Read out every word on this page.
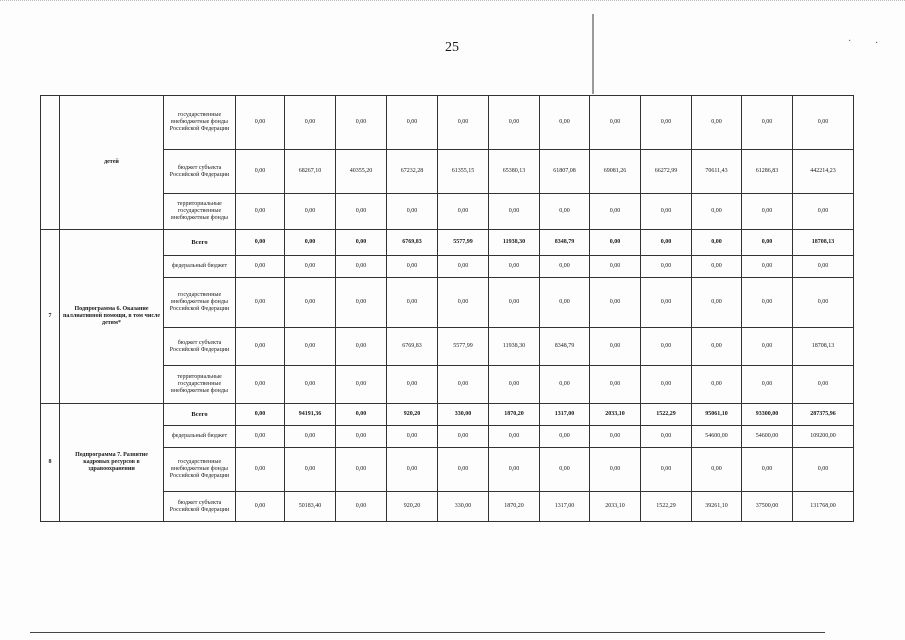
25	· ·
	детей	государственные внебюджетные фонды Российской Федерации	0,00	0,00	0,00	0,00	0,00	0,00	0,00	0,00	0,00	0,00	0,00	0,00
		бюджет субъекта Российской Федерации	0,00	68267,10	40355,20	67232,28	61355,15	65380,13	61807,08	69081,26	66272,99	70611,43	61286,83	442214,23
		территориальные государственные внебюджетные фонды	0,00	0,00	0,00	0,00	0,00	0,00	0,00	0,00	0,00	0,00	0,00	0,00
7	Подпрограмма 6. Оказание паллиативной помощи, в том числе детям*	Всего	0,00	0,00	0,00	6769,83	5577,99	11938,30	8348,79	0,00	0,00	0,00	0,00	18708,13
		федеральный бюджет	0,00	0,00	0,00	0,00	0,00	0,00	0,00	0,00	0,00	0,00	0,00	0,00
		государственные внебюджетные фонды Российской Федерации	0,00	0,00	0,00	0,00	0,00	0,00	0,00	0,00	0,00	0,00	0,00	0,00
		бюджет субъекта Российской Федерации	0,00	0,00	0,00	6769,83	5577,99	11938,30	8348,79	0,00	0,00	0,00	0,00	18708,13
		территориальные государственные внебюджетные фонды	0,00	0,00	0,00	0,00	0,00	0,00	0,00	0,00	0,00	0,00	0,00	0,00
8	Подпрограмма 7. Развитие кадровых ресурсов в здравоохранении	Всего	0,00	94191,36	0,00	920,20	330,00	1870,20	1317,00	2033,10	1522,29	95061,10	93300,00	287375,96
		федеральный бюджет	0,00	0,00	0,00	0,00	0,00	0,00	0,00	0,00	0,00	54600,00	54600,00	109200,00
		государственные внебюджетные фонды Российской Федерации	0,00	0,00	0,00	0,00	0,00	0,00	0,00	0,00	0,00	0,00	0,00	0,00
		бюджет субъекта Российской Федерации	0,00	50183,40	0,00	920,20	330,00	1870,20	1317,00	2033,10	1522,29	39261,10	37500,00	131768,00
